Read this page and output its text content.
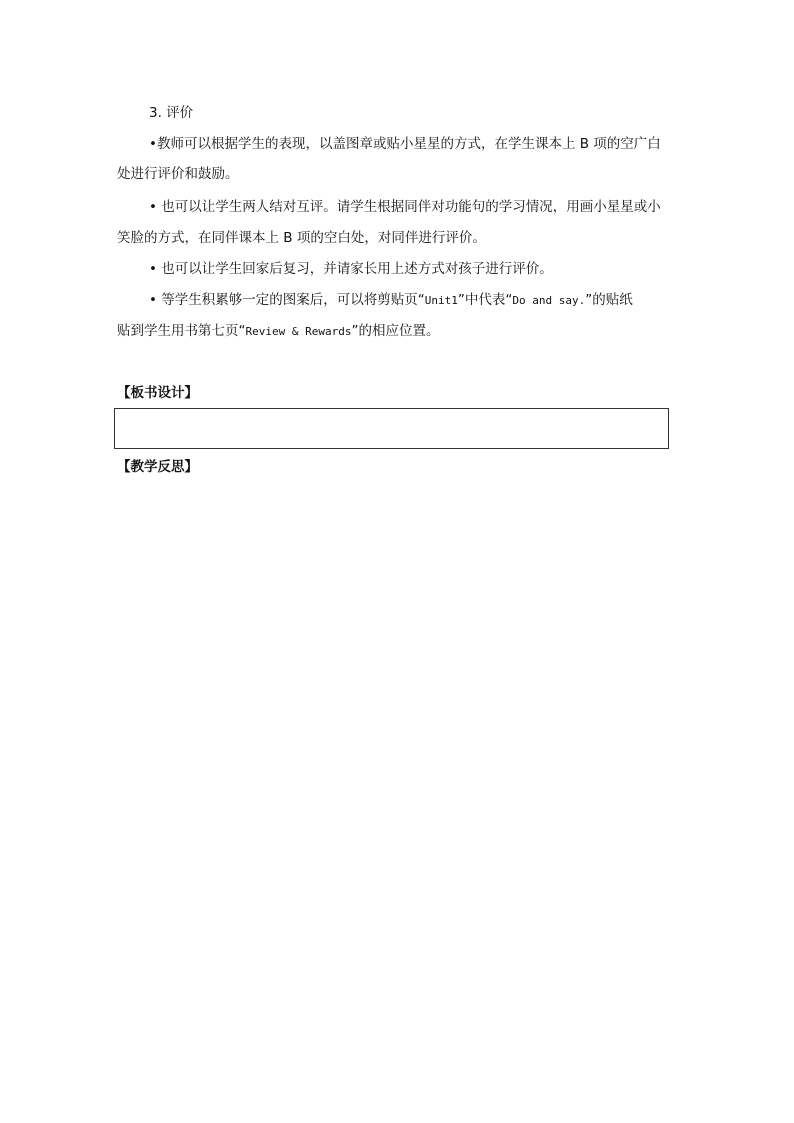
3. 评价
•教师可以根据学生的表现，以盖图章或贴小星星的方式，在学生课本上 B 项的空广白
处进行评价和鼓励。
• 也可以让学生两人结对互评。请学生根据同伴对功能句的学习情况，用画小星星或小
笑脸的方式，在同伴课本上 B 项的空白处，对同伴进行评价。
• 也可以让学生回家后复习，并请家长用上述方式对孩子进行评价。
• 等学生积累够一定的图案后，可以将剪贴页“Unit1”中代表“Do and say.”的贴纸
贴到学生用书第七页“Review & Rewards”的相应位置。
【板书设计】
【教学反思】
